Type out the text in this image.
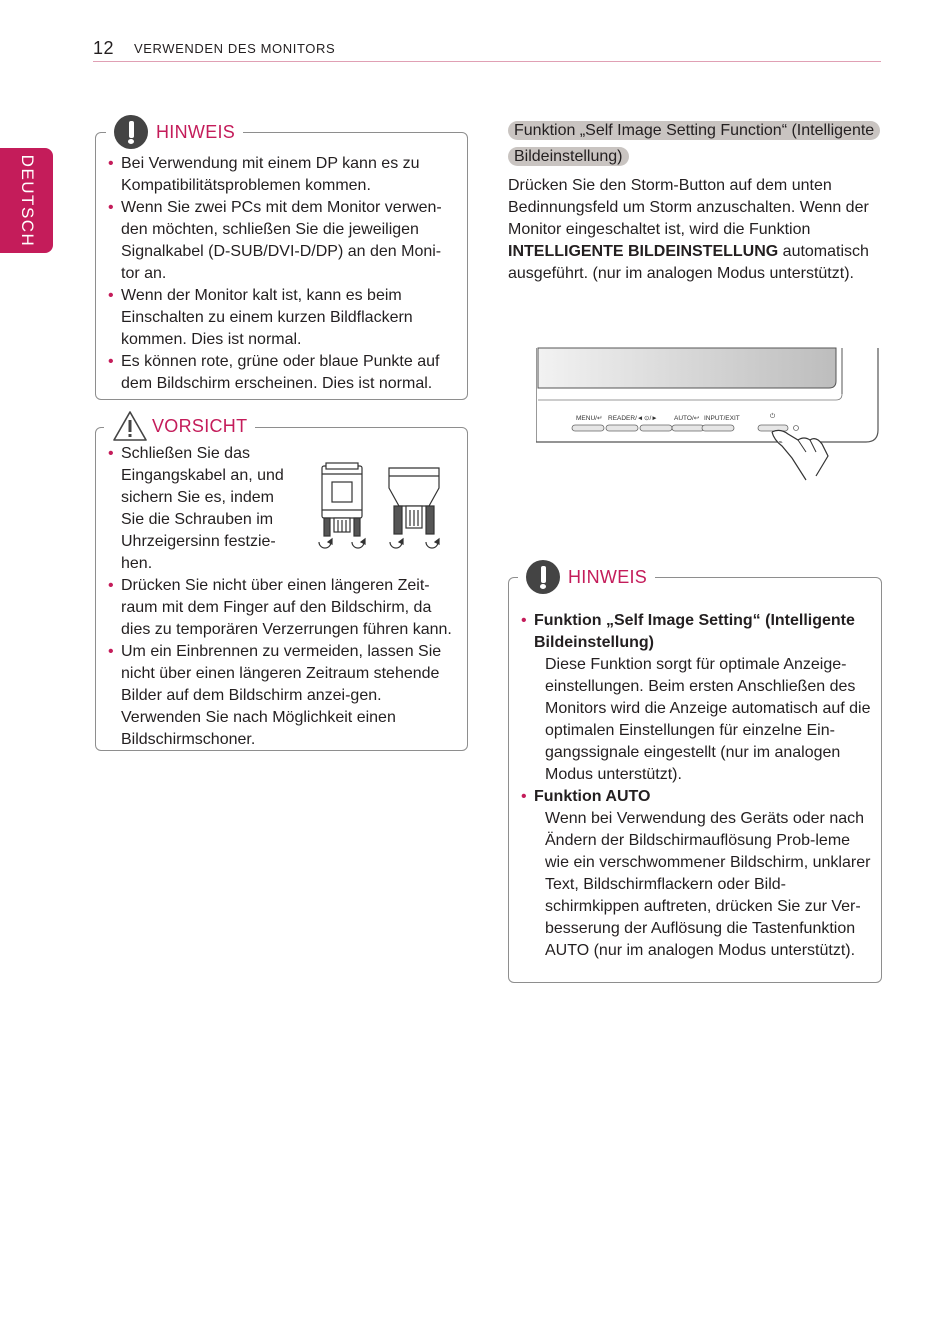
12 VERWENDEN DES MONITORS
DEUTSCH
•	Bei Verwendung mit einem DP kann es zu Kompatibilitätsproblemen kommen.
• Wenn Sie zwei PCs mit dem Monitor verwen-den möchten, schließen Sie die jeweiligen Signalkabel (D-SUB/DVI-D/DP) an den Moni-tor an.
• Wenn der Monitor kalt ist, kann es beim Einschalten zu einem kurzen Bildflackern kommen. Dies ist normal.
• Es können rote, grüne oder blaue Punkte auf dem Bildschirm erscheinen. Dies ist normal.
HINWEIS
• Schließen Sie das Eingangskabel an, und sichern Sie es, indem Sie die Schrauben im Uhrzeigersinn festzie-hen.
• Drücken Sie nicht über einen längeren Zeit-raum mit dem Finger auf den Bildschirm, da dies zu temporären Verzerrungen führen kann.
• Um ein Einbrennen zu vermeiden, lassen Sie nicht über einen längeren Zeitraum stehende Bilder auf dem Bildschirm anzei-gen. Verwenden Sie nach Möglichkeit einen Bildschirmschoner.
VORSICHT
Funktion „Self Image Setting Function“ (Intelligente Bildeinstellung)
Drücken Sie den Storm-Button auf dem unten Bedinnungsfeld um Storm anzuschalten. Wenn der Monitor eingeschaltet ist, wird die Funktion INTELLIGENTE BILDEINSTELLUNG automatisch ausgeführt. (nur im analogen Modus unterstützt).
MENU/↵ READER/◄ ⊙/►	AUTO/↩ INPUT/EXIT	⏻
• Funktion „Self Image Setting“ (Intelligente Bildeinstellung)
Diese Funktion sorgt für optimale Anzeige-einstellungen. Beim ersten Anschließen des Monitors wird die Anzeige automatisch auf die optimalen Einstellungen für einzelne Ein-gangssignale eingestellt (nur im analogen Modus unterstützt).
• Funktion AUTO
Wenn bei Verwendung des Geräts oder nach Ändern der Bildschirmauflösung Prob-leme wie ein verschwommener Bildschirm, unklarer Text, Bildschirmflackern oder Bild-schirmkippen auftreten, drücken Sie zur Ver-besserung der Auflösung die Tastenfunktion AUTO (nur im analogen Modus unterstützt).
HINWEIS
